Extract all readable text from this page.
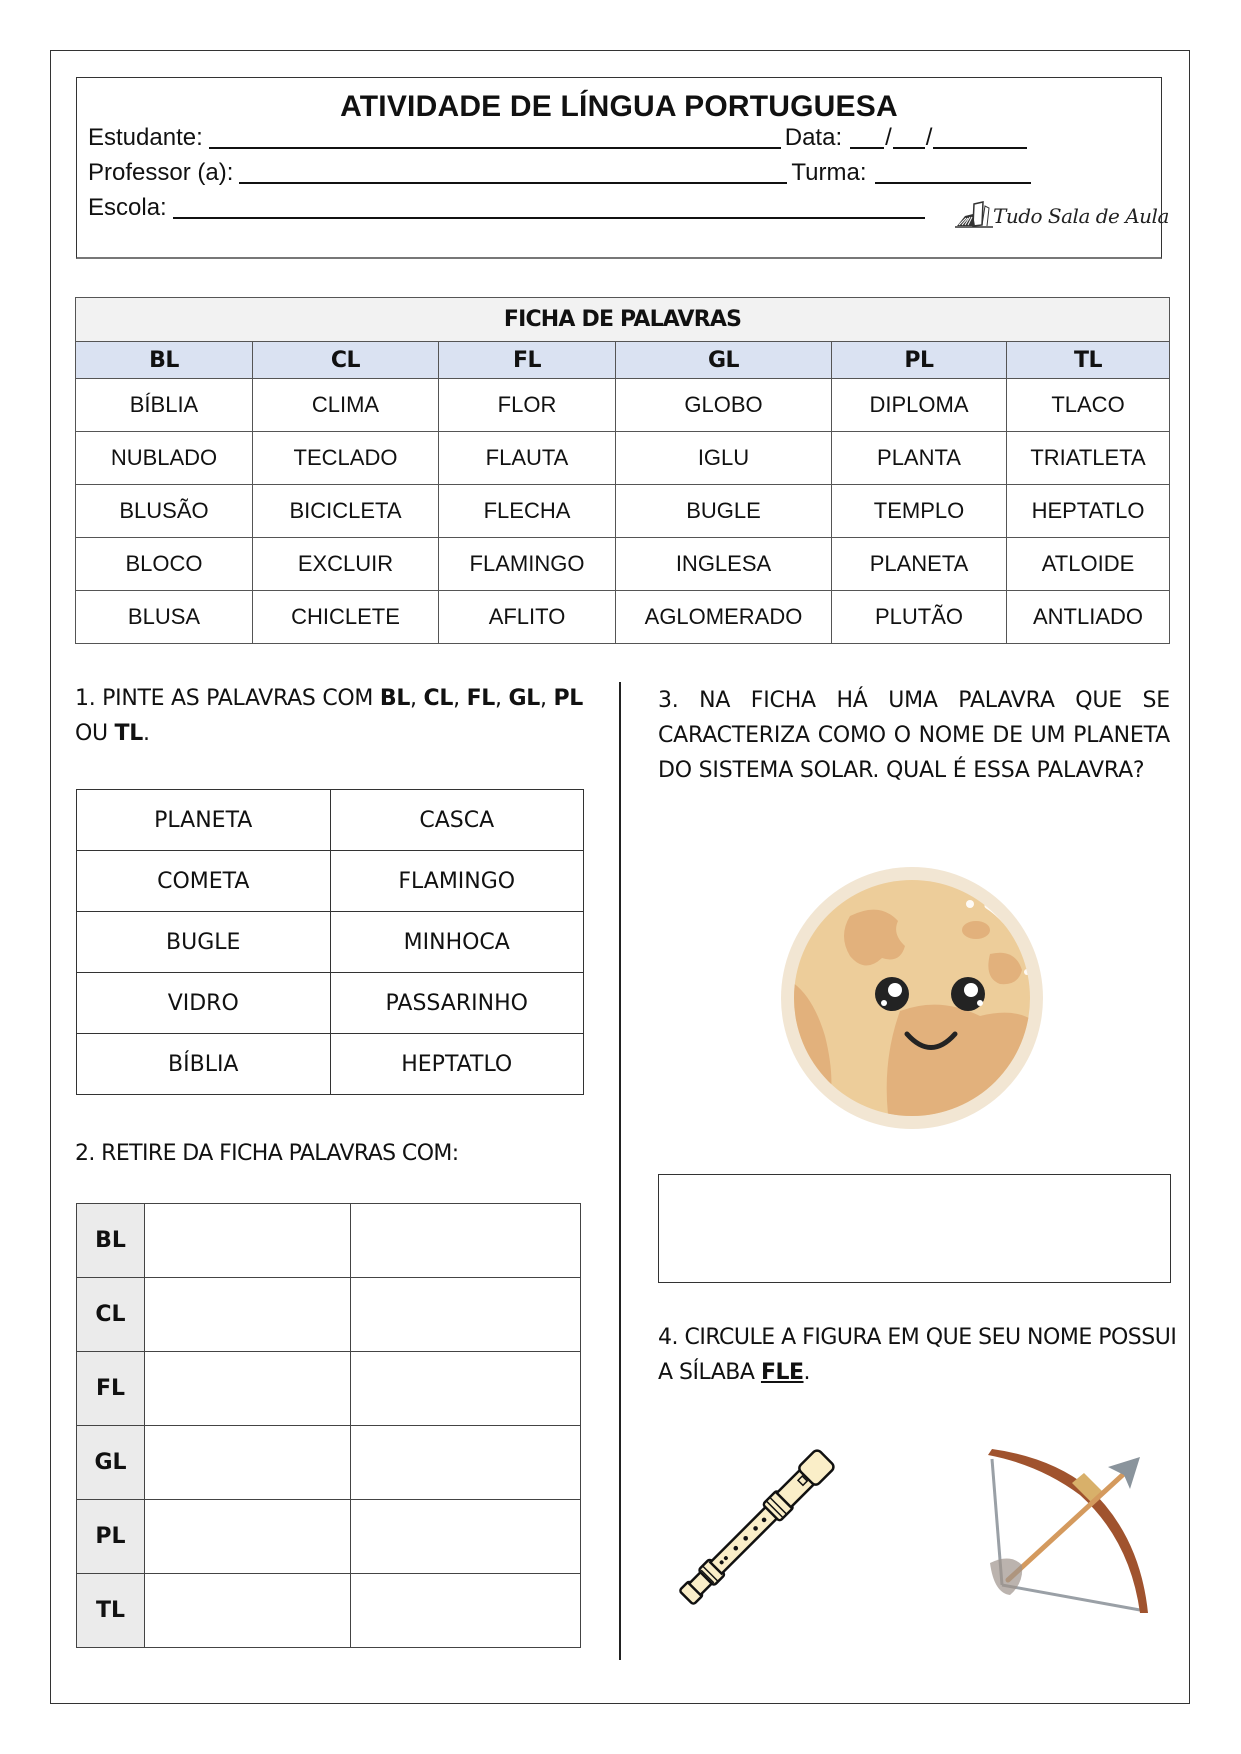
ATIVIDADE DE LÍNGUA PORTUGUESA
Estudante:	Data: / /
Professor (a):	Turma:
Escola:	Tudo Sala de Aula
FICHA DE PALAVRAS					
BL	CL	FL	GL	PL	TL
BÍBLIA	CLIMA	FLOR	GLOBO	DIPLOMA	TLACO
NUBLADO	TECLADO	FLAUTA	IGLU	PLANTA	TRIATLETA
BLUSÃO	BICICLETA	FLECHA	BUGLE	TEMPLO	HEPTATLO
BLOCO	EXCLUIR	FLAMINGO	INGLESA	PLANETA	ATLOIDE
BLUSA	CHICLETE	AFLITO	AGLOMERADO	PLUTÃO	ANTLIADO
1. PINTE AS PALAVRAS COM BL, CL, FL, GL, PL OU TL.
PLANETA	CASCA
COMETA	FLAMINGO
BUGLE	MINHOCA
VIDRO	PASSARINHO
BÍBLIA	HEPTATLO
2. RETIRE DA FICHA PALAVRAS COM:
BL		
CL		
FL		
GL		
PL		
TL		
3. NA FICHA HÁ UMA PALAVRA QUE SE CARACTERIZA COMO O NOME DE UM PLANETA DO SISTEMA SOLAR. QUAL É ESSA PALAVRA?
4. CIRCULE A FIGURA EM QUE SEU NOME POSSUI A SÍLABA FLE.
